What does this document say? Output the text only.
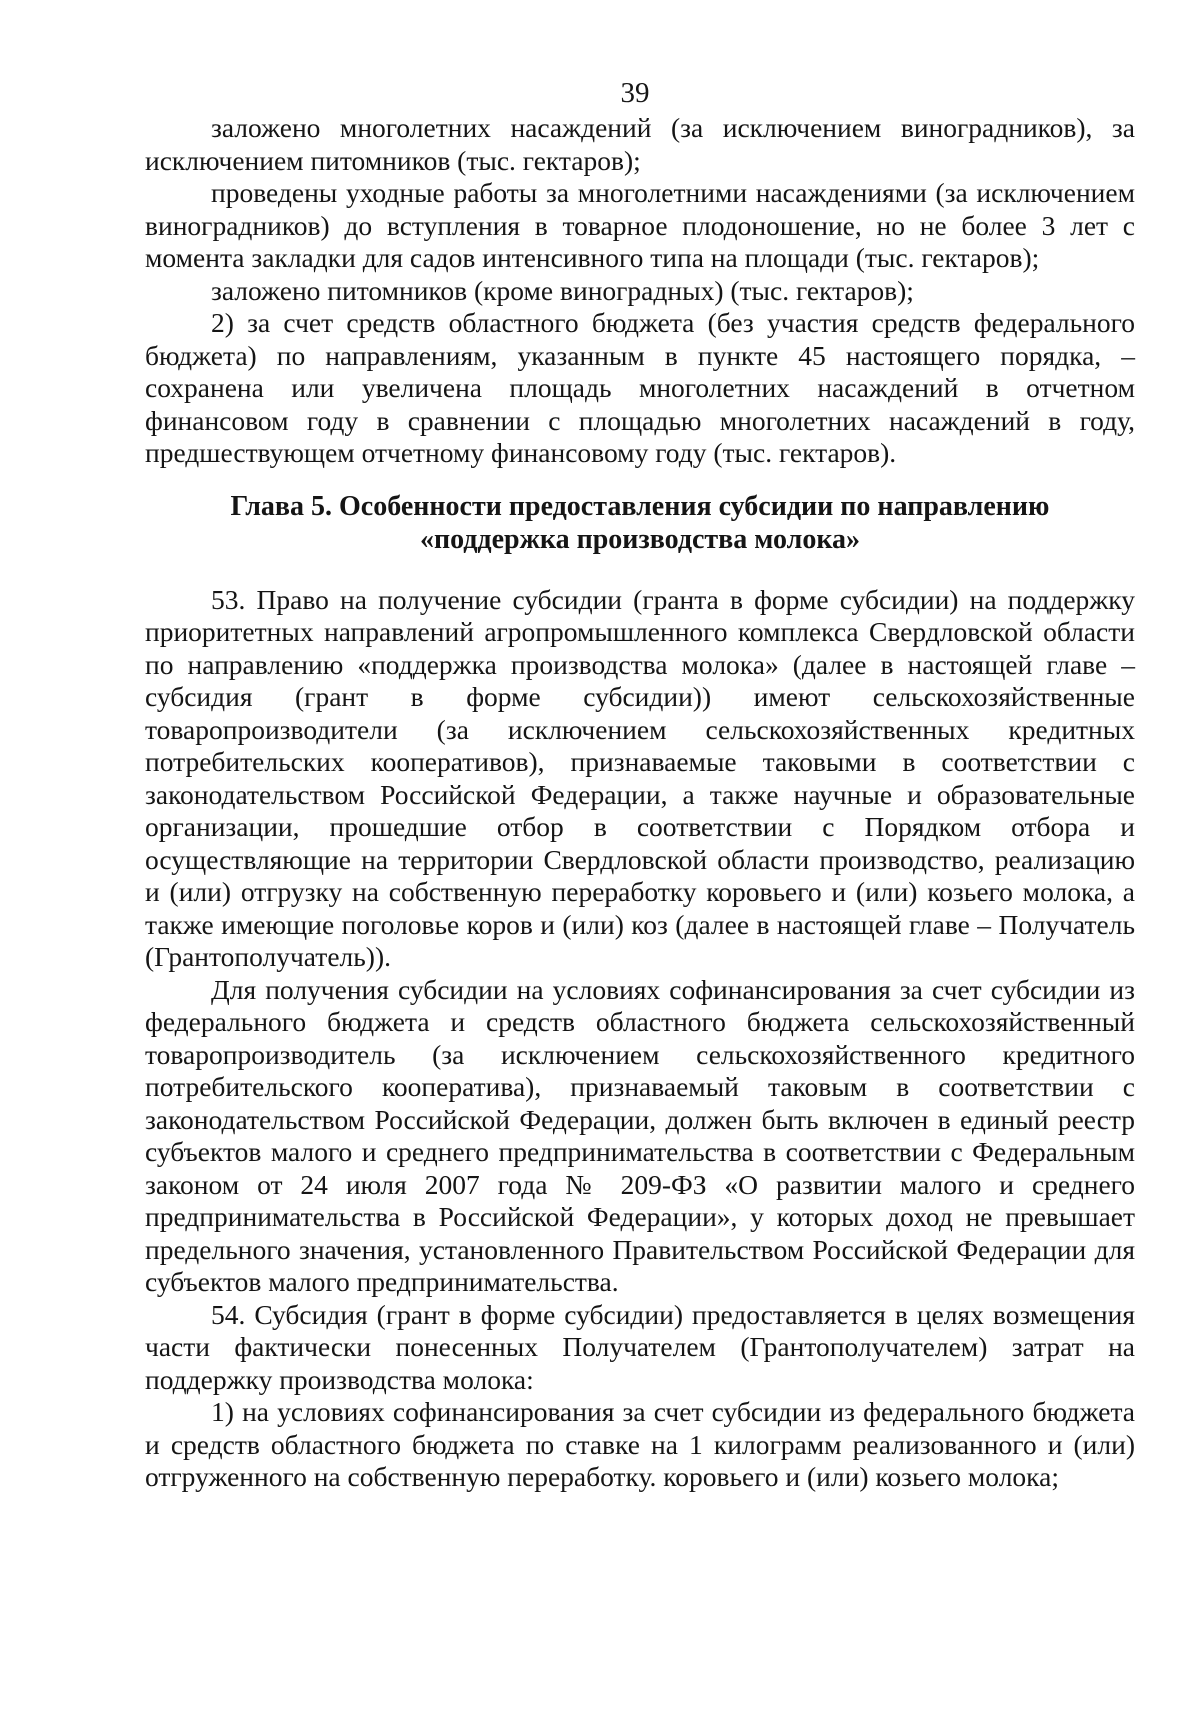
39

заложено многолетних насаждений (за исключением виноградников), за исключением питомников (тыс. гектаров);

проведены уходные работы за многолетними насаждениями (за исключением виноградников) до вступления в товарное плодоношение, но не более 3 лет с момента закладки для садов интенсивного типа на площади (тыс. гектаров);

заложено питомников (кроме виноградных) (тыс. гектаров);

2) за счет средств областного бюджета (без участия средств федерального бюджета) по направлениям, указанным в пункте 45 настоящего порядка, – сохранена или увеличена площадь многолетних насаждений в отчетном финансовом году в сравнении с площадью многолетних насаждений в году, предшествующем отчетному финансовому году (тыс. гектаров).

Глава 5. Особенности предоставления субсидии по направлению
«поддержка производства молока»

53. Право на получение субсидии (гранта в форме субсидии) на поддержку приоритетных направлений агропромышленного комплекса Свердловской области по направлению «поддержка производства молока» (далее в настоящей главе – субсидия (грант в форме субсидии)) имеют сельскохозяйственные товаропроизводители (за исключением сельскохозяйственных кредитных потребительских кооперативов), признаваемые таковыми в соответствии с законодательством Российской Федерации, а также научные и образовательные организации, прошедшие отбор в соответствии с Порядком отбора и осуществляющие на территории Свердловской области производство, реализацию и (или) отгрузку на собственную переработку коровьего и (или) козьего молока, а также имеющие поголовье коров и (или) коз (далее в настоящей главе – Получатель (Грантополучатель)).

Для получения субсидии на условиях софинансирования за счет субсидии из федерального бюджета и средств областного бюджета сельскохозяйственный товаропроизводитель (за исключением сельскохозяйственного кредитного потребительского кооператива), признаваемый таковым в соответствии с законодательством Российской Федерации, должен быть включен в единый реестр субъектов малого и среднего предпринимательства в соответствии с Федеральным законом от 24 июля 2007 года № 209-ФЗ «О развитии малого и среднего предпринимательства в Российской Федерации», у которых доход не превышает предельного значения, установленного Правительством Российской Федерации для субъектов малого предпринимательства.

54. Субсидия (грант в форме субсидии) предоставляется в целях возмещения части фактически понесенных Получателем (Грантополучателем) затрат на поддержку производства молока:

1) на условиях софинансирования за счет субсидии из федерального бюджета и средств областного бюджета по ставке на 1 килограмм реализованного и (или) отгруженного на собственную переработку. коровьего и (или) козьего молока;
